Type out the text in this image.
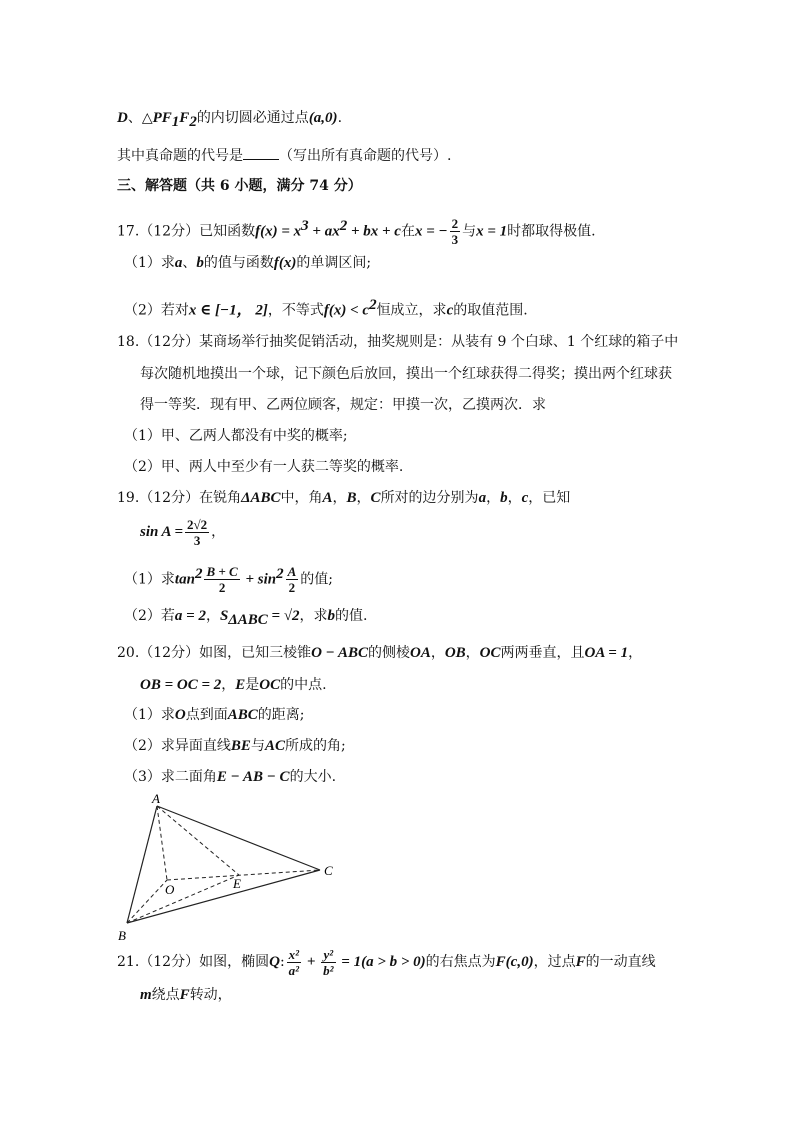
D、$\triangle PF_1F_2$的内切圆必通过点(a,0).
其中真命题的代号是	（写出所有真命题的代号）.
三、解答题（共 6 小题，满分 74 分）
17.（12分）已知函数$f(x) = x^3 + ax^2$ + bx + c在x = − $\frac{2}{3}$ 与x = 1时都取得极值.
（1）求a、b的值与函数f(x)的单调区间;
（2）若对x ∈ [−1， 2]，不等式$f(x) < c^2$恒成立，求c的取值范围.
18.（12分）某商场举行抽奖促销活动，抽奖规则是：从装有 9 个白球、1 个红球的箱子中
每次随机地摸出一个球，记下颜色后放回，摸出一个红球获得二得奖；摸出两个红球获
得一等奖．现有甲、乙两位顾客，规定：甲摸一次，乙摸两次．求
（1）甲、乙两人都没有中奖的概率;
（2）甲、两人中至少有一人获二等奖的概率.
19.（12分）在锐角ΔABC中，角A，B，C所对的边分别为a，b，c，已知
$\sin A = \frac{2√2}{3}$ ，
（1）求$\tan^2 \frac{B + C}{2} + \sin^2 \frac{A}{2}$ 的值;
（2）若a = 2，$S_{\Delta ABC} = √2$，求b的值.
20.（12分）如图，已知三棱锥O − ABC的侧棱OA，OB，OC两两垂直，且OA = 1，
OB = OC = 2，E是OC的中点.
（1）求O点到面ABC的距离;
（2）求异面直线BE与AC所成的角;
（3）求二面角E − AB − C的大小.
A
B
C
O	E
21.（12分）如图，椭圆Q: $\frac{\text{x²}}{\text{a²}} + \frac{\text{y²}}{\text{b²}} = 1(a > b > 0)$的右焦点为F(c,0)，过点F的一动直线
m绕点F转动，
